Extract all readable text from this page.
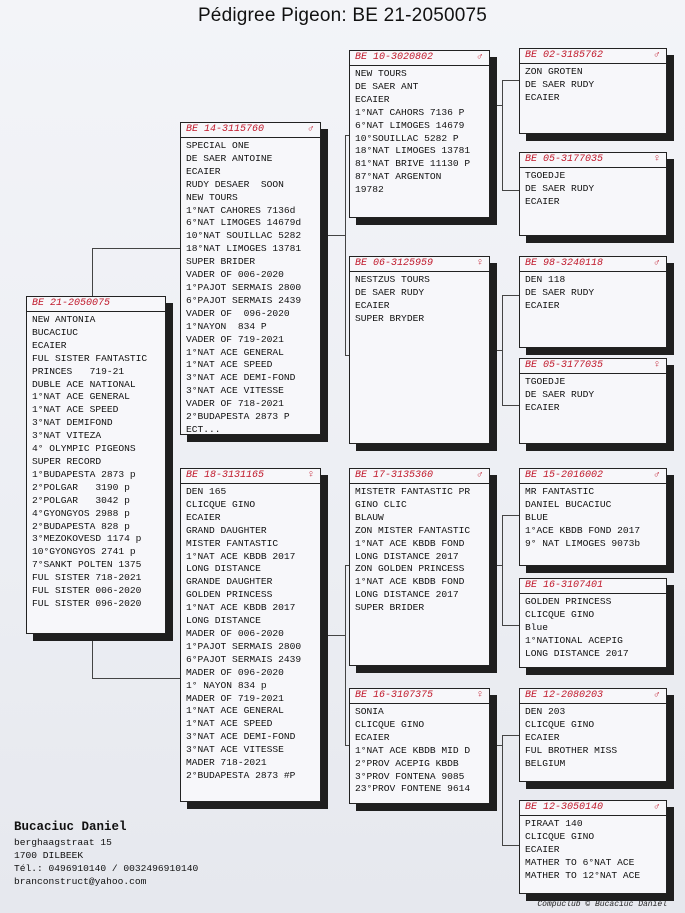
Pédigree Pigeon: BE 21-2050075
BE 21-2050075
NEW ANTONIA
BUCACIUC
ECAIER
FUL SISTER FANTASTIC
PRINCES   719-21
DUBLE ACE NATIONAL
1°NAT ACE GENERAL
1°NAT ACE SPEED
3°NAT DEMIFOND
3°NAT VITEZA
4° OLYMPIC PIGEONS
SUPER RECORD
1°BUDAPESTA 2873 p
2°POLGAR   3190 p
2°POLGAR   3042 p
4°GYONGYOS 2988 p
2°BUDAPESTA 828 p
3°MEZOKOVESD 1174 p
10°GYONGYOS 2741 p
7°SANKT POLTEN 1375
FUL SISTER 718-2021
FUL SISTER 006-2020
FUL SISTER 096-2020
BE 14-3115760	♂
SPECIAL ONE
DE SAER ANTOINE
ECAIER
RUDY DESAER  SOON
NEW TOURS
1°NAT CAHORES 7136d
6°NAT LIMOGES 14679d
10°NAT SOUILLAC 5282
18°NAT LIMOGES 13781
SUPER BRIDER
VADER OF 006-2020
1°PAJOT SERMAIS 2800
6°PAJOT SERMAIS 2439
VADER OF  096-2020
1°NAYON  834 P
VADER OF 719-2021
1°NAT ACE GENERAL
1°NAT ACE SPEED
3°NAT ACE DEMI-FOND
3°NAT ACE VITESSE
VADER OF 718-2021
2°BUDAPESTA 2873 P
ECT...
BE 18-3131165	♀
DEN 165
CLICQUE GINO
ECAIER
GRAND DAUGHTER
MISTER FANTASTIC
1°NAT ACE KBDB 2017
LONG DISTANCE
GRANDE DAUGHTER
GOLDEN PRINCESS
1°NAT ACE KBDB 2017
LONG DISTANCE
MADER OF 006-2020
1°PAJOT SERMAIS 2800
6°PAJOT SERMAIS 2439
MADER OF 096-2020
1° NAYON 834 p
MADER OF 719-2021
1°NAT ACE GENERAL
1°NAT ACE SPEED
3°NAT ACE DEMI-FOND
3°NAT ACE VITESSE
MADER 718-2021
2°BUDAPESTA 2873 #P
BE 10-3020802	♂
NEW TOURS
DE SAER ANT
ECAIER
1°NAT CAHORS 7136 P
6°NAT LIMOGES 14679
10°SOUILLAC 5282 P
18°NAT LIMOGES 13781
81°NAT BRIVE 11130 P
87°NAT ARGENTON
19782
BE 06-3125959	♀
NESTZUS TOURS
DE SAER RUDY
ECAIER
SUPER BRYDER
BE 17-3135360	♂
MISTETR FANTASTIC PR
GINO CLIC
BLAUW
ZON MISTER FANTASTIC
1°NAT ACE KBDB FOND
LONG DISTANCE 2017
ZON GOLDEN PRINCESS
1°NAT ACE KBDB FOND
LONG DISTANCE 2017
SUPER BRIDER
BE 16-3107375	♀
SONIA
CLICQUE GINO
ECAIER
1°NAT ACE KBDB MID D
2°PROV ACEPIG KBDB
3°PROV FONTENA 9085
23°PROV FONTENE 9614
BE 02-3185762	♂
ZON GROTEN
DE SAER RUDY
ECAIER
BE 05-3177035	♀
TGOEDJE
DE SAER RUDY
ECAIER
BE 98-3240118	♂
DEN 118
DE SAER RUDY
ECAIER
BE 05-3177035	♀
TGOEDJE
DE SAER RUDY
ECAIER
BE 15-2016002	♂
MR FANTASTIC
DANIEL BUCACIUC
BLUE
1°ACE KBDB FOND 2017
9° NAT LIMOGES 9073b
BE 16-3107401
GOLDEN PRINCESS
CLICQUE GINO
Blue
1°NATIONAL ACEPIG
LONG DISTANCE 2017
BE 12-2080203	♂
DEN 203
CLICQUE GINO
ECAIER
FUL BROTHER MISS
BELGIUM
BE 12-3050140	♂
PIRAAT 140
CLICQUE GINO
ECAIER
MATHER TO 6°NAT ACE
MATHER TO 12°NAT ACE
Bucaciuc Daniel
berghaagstraat 15
1700 DILBEEK
Tél.: 0496910140 / 0032496910140
branconstruct@yahoo.com
Compuclub © Bucaciuc Daniel
